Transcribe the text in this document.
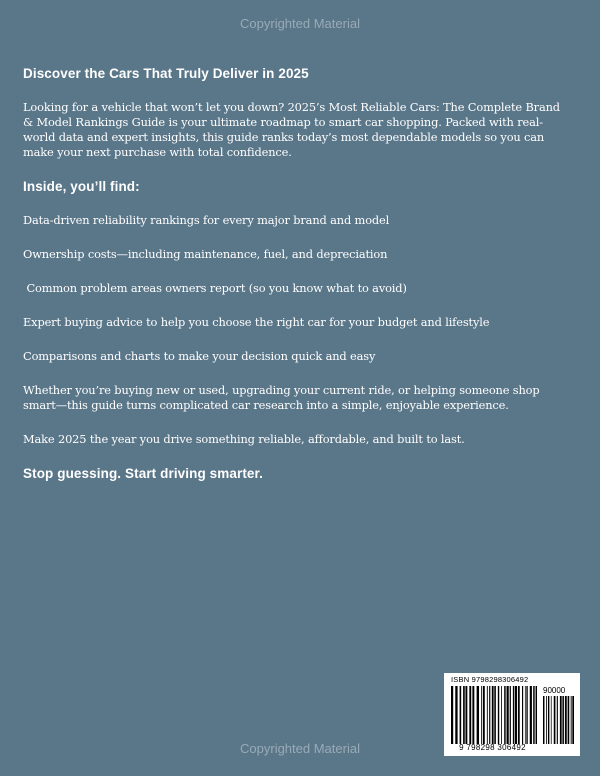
Copyrighted Material
Discover the Cars That Truly Deliver in 2025

Looking for a vehicle that won’t let you down? 2025’s Most Reliable Cars: The Complete Brand & Model Rankings Guide is your ultimate roadmap to smart car shopping. Packed with real-world data and expert insights, this guide ranks today’s most dependable models so you can make your next purchase with total confidence.

Inside, you’ll find:
Data-driven reliability rankings for every major brand and model
Ownership costs—including maintenance, fuel, and depreciation
Common problem areas owners report (so you know what to avoid)
Expert buying advice to help you choose the right car for your budget and lifestyle
Comparisons and charts to make your decision quick and easy

Whether you’re buying new or used, upgrading your current ride, or helping someone shop smart—this guide turns complicated car research into a simple, enjoyable experience.

Make 2025 the year you drive something reliable, affordable, and built to last.

Stop guessing. Start driving smarter.
ISBN 9798298306492
90000
9 798298 306492
Copyrighted Material
